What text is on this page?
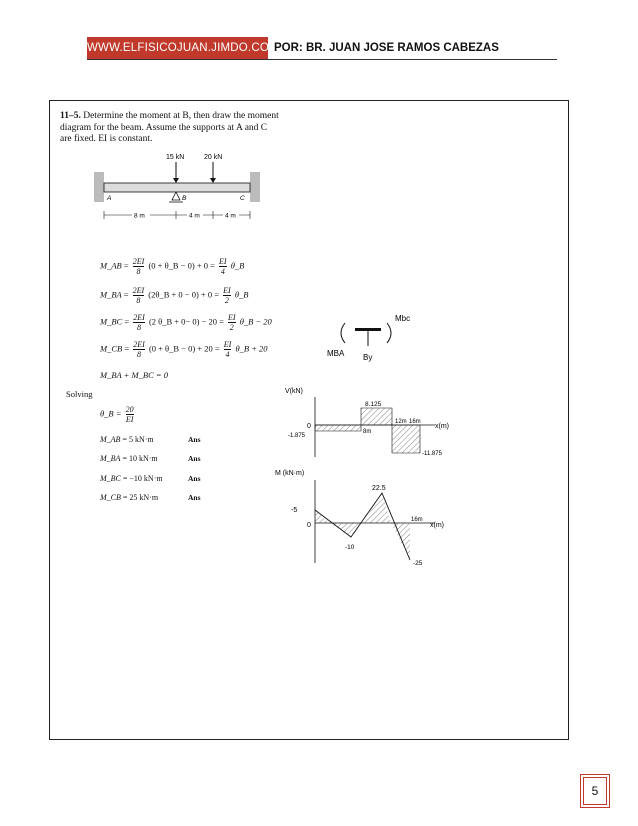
WWW.ELFISICOJUAN.JIMDO.COM
POR: BR. JUAN JOSE RAMOS CABEZAS
11–5. Determine the moment at B, then draw the moment diagram for the beam. Assume the supports at A and C are fixed. EI is constant.
15 kN	20 kN
A	B	C
8 m	4 m	4 m
M_AB = $\frac{2EI}{8} (0$ + θ_B − $0) + 0 = \frac{EI}{4}$ θ_B
M_BA = $\frac{2EI}{8}$ (2θ_B + $0 - 0) + 0 = \frac{EI}{2}$ θ_B
M_BC = $\frac{2EI}{8} (2$ θ_B + $0- 0) - 20 = \frac{EI}{2}$ θ_B − 20
M_CB = $\frac{2EI}{8} (0$ + θ_B − $0) + 20 = \frac{EI}{4}$ θ_B + 20
M_BA + M_BC = 0
Solving
θ_B = $\frac{20}{EI}$
M_AB = 5 kN·m	Ans
M_BA = 10 kN·m	Ans
M_BC = −10 kN·m	Ans
M_CB = 25 kN·m	Ans
Mbc
MBA By
V(kN)
0
-1.875
8.125
8m
12m 16m
x(m)
-11.875
M (kN·m)
0
-5
-10
22.5
16m
x(m)
-25
5
